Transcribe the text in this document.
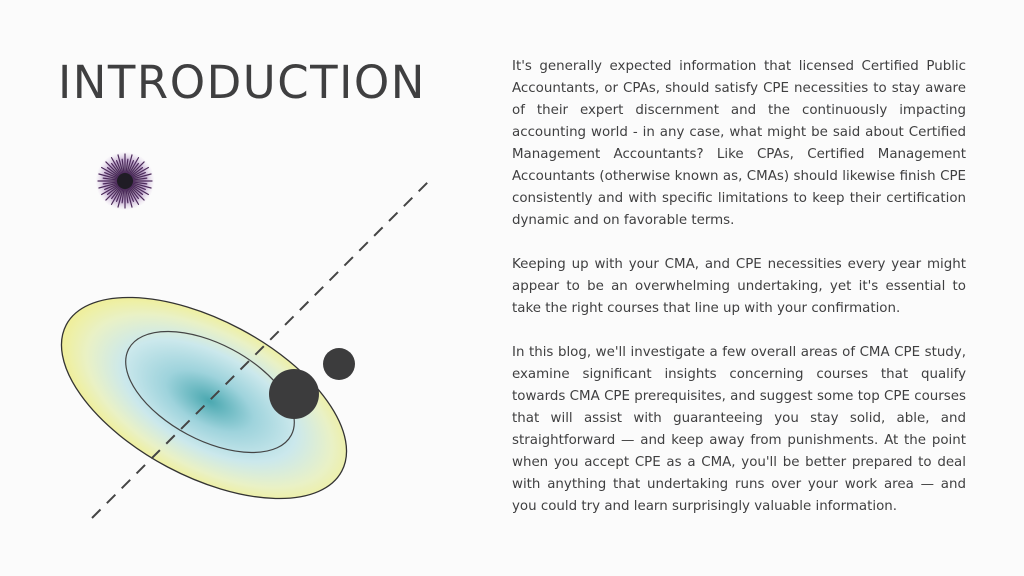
INTRODUCTION	It's generally expected information that licensed Certified Public Accountants, or CPAs, should satisfy CPE necessities to stay aware of their expert discernment and the continuously impacting accounting world - in any case, what might be said about Certified Management Accountants? Like CPAs, Certified Management Accountants (otherwise known as, CMAs) should likewise finish CPE consistently and with specific limitations to keep their certification dynamic and on favorable terms.

Keeping up with your CMA, and CPE necessities every year might appear to be an overwhelming undertaking, yet it's essential to take the right courses that line up with your confirmation.

In this blog, we'll investigate a few overall areas of CMA CPE study, examine significant insights concerning courses that qualify towards CMA CPE prerequisites, and suggest some top CPE courses that will assist with guaranteeing you stay solid, able, and straightforward — and keep away from punishments. At the point when you accept CPE as a CMA, you'll be better prepared to deal with anything that undertaking runs over your work area — and you could try and learn surprisingly valuable information.
